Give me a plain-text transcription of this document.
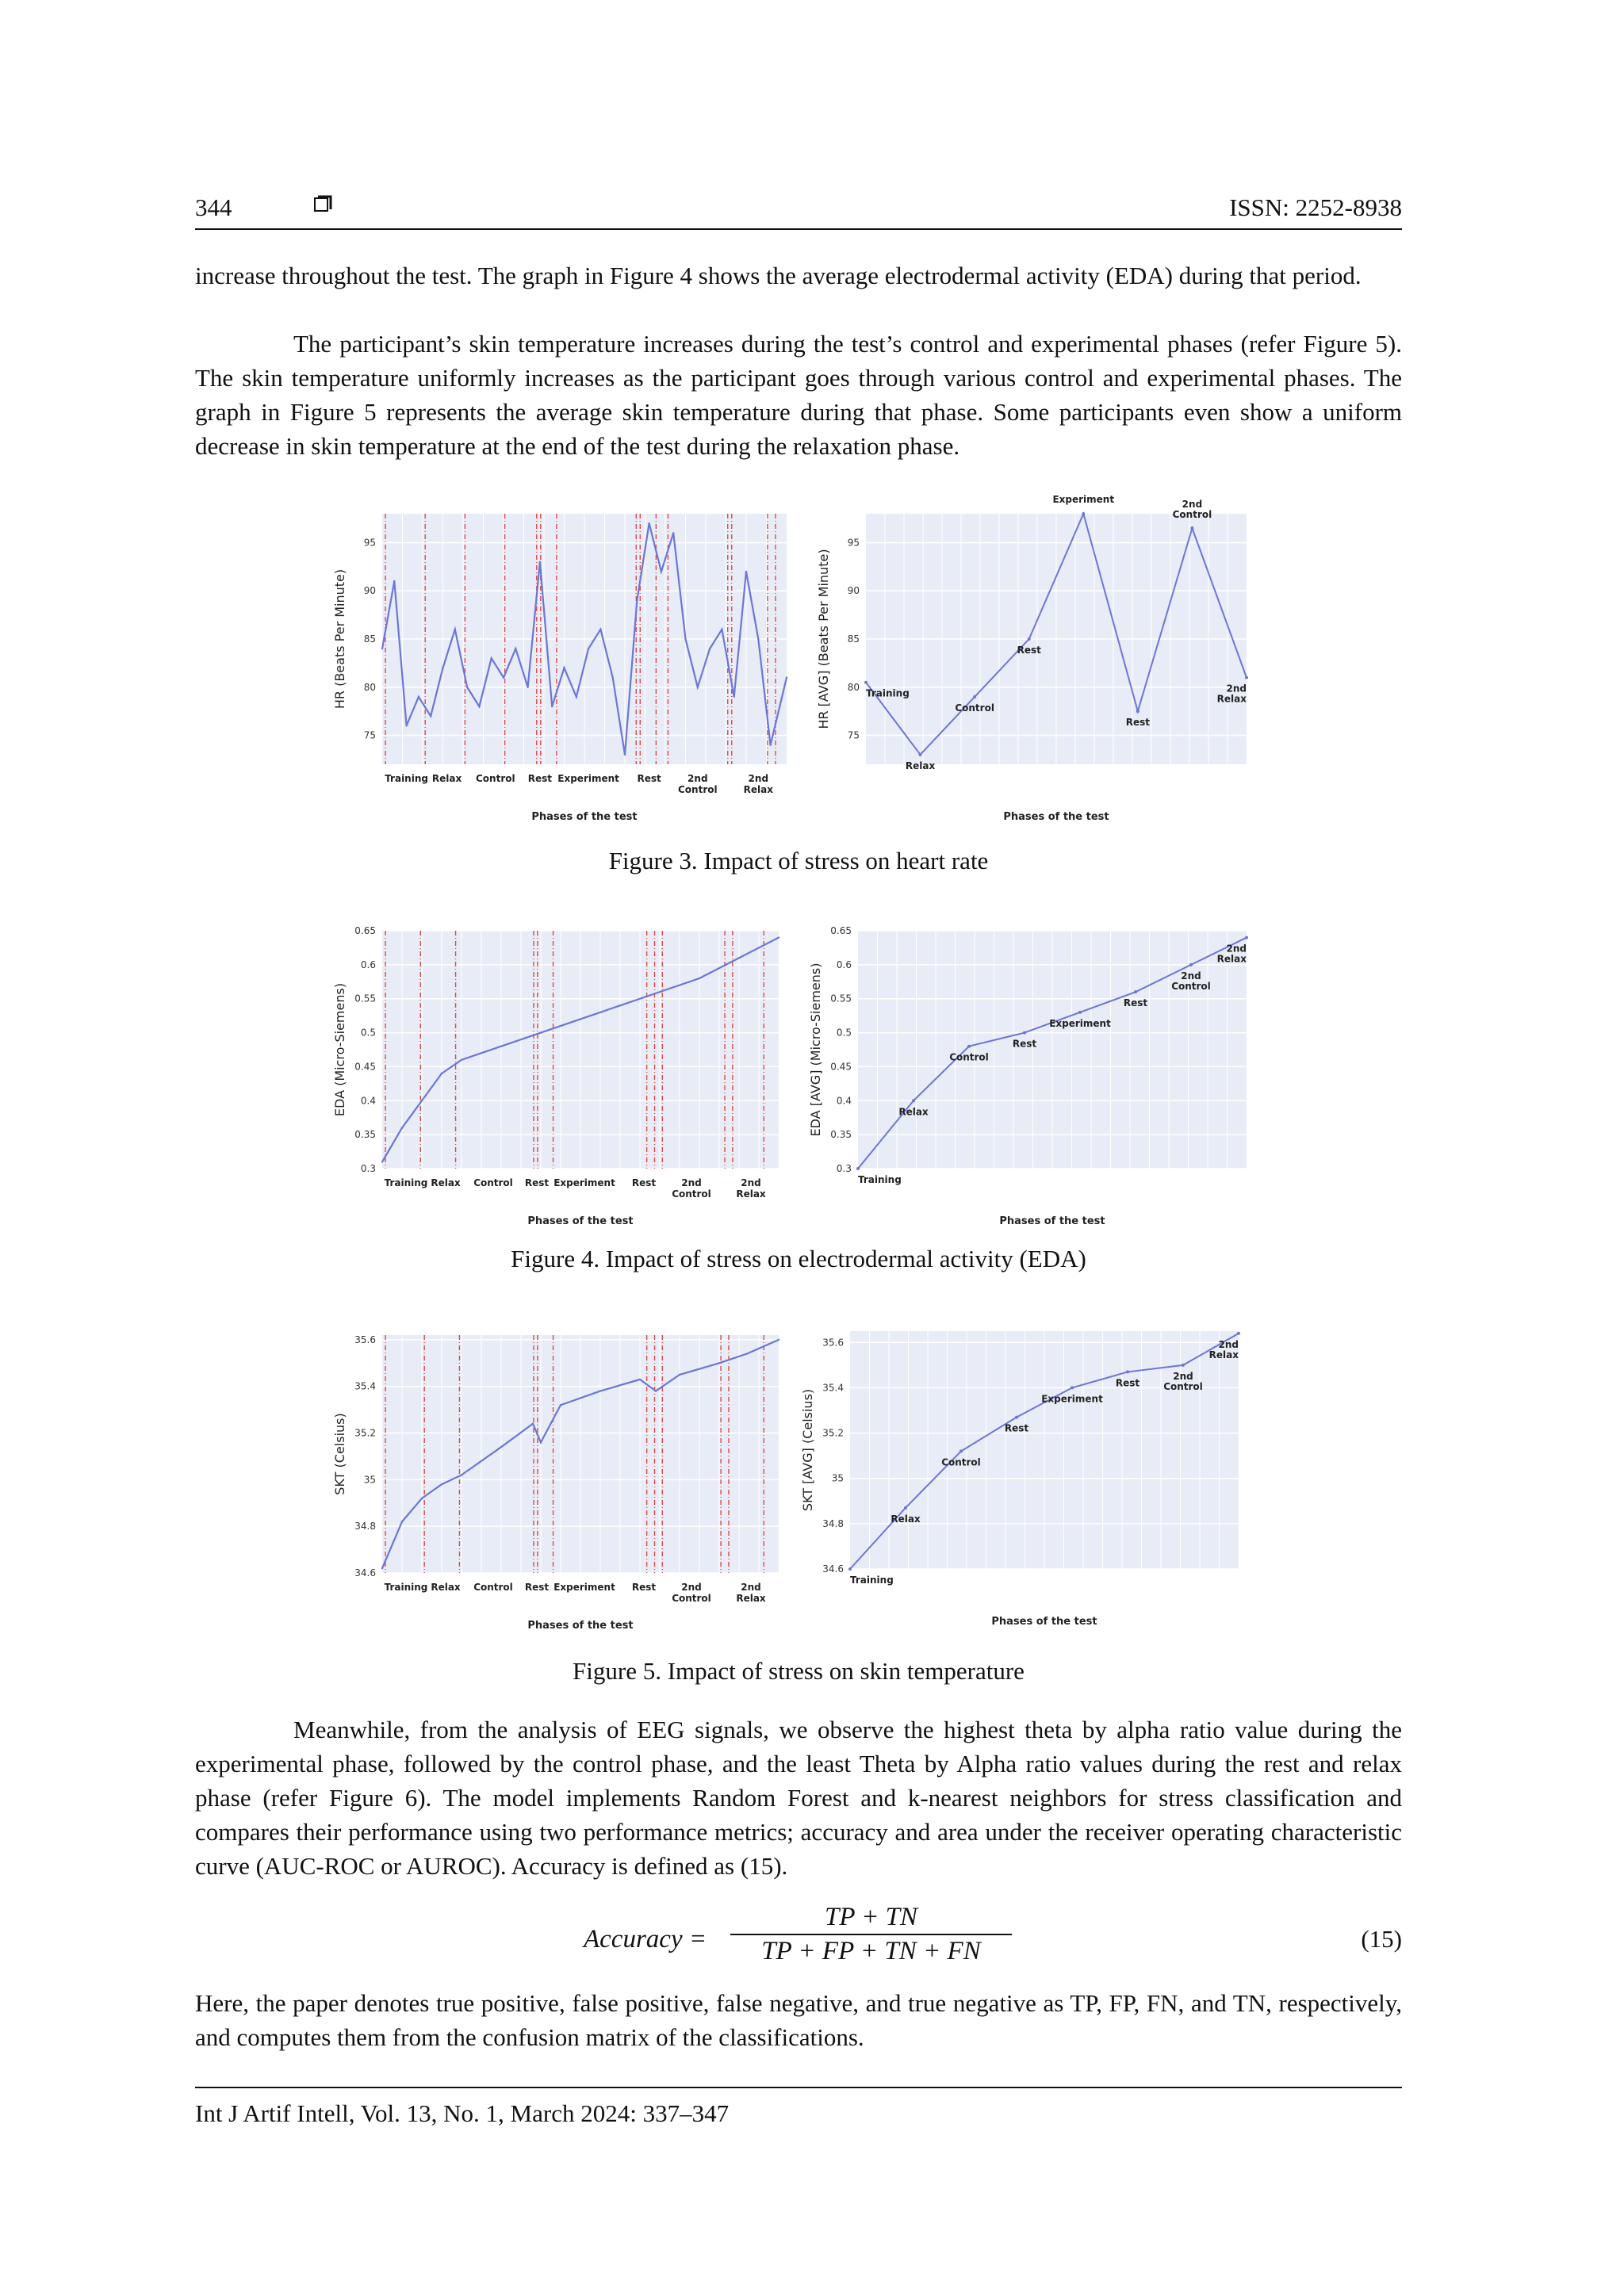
344	ISSN: 2252-8938

increase throughout the test. The graph in Figure 4 shows the average electrodermal activity (EDA) during that period.

The participant’s skin temperature increases during the test’s control and experimental phases (refer Figure 5). The skin temperature uniformly increases as the participant goes through various control and experimental phases. The graph in Figure 5 represents the average skin temperature during that phase. Some participants even show a uniform decrease in skin temperature at the end of the test during the relaxation phase.

75
80
85
90
95
HR (Beats Per Minute)
Phases of the test
Training Relax Control Rest Experiment Rest	2nd Control
2nd Relax
75
80
85
90
95
HR [AVG] (Beats Per Minute)
Phases of the test
Training
Relax
Control
Rest
Experiment
Rest
2nd Control
2nd Relax
Figure 3. Impact of stress on heart rate
0.3
0.35
0.4
0.45
0.5
0.55
0.6
0.65
EDA (Micro-Siemens)
Phases of the test
Training Relax Control Rest Experiment Rest	2nd Control
2nd Relax
0.3
0.35
0.4
0.45
0.5
0.55
0.6
0.65
EDA [AVG] (Micro-Siemens)
Phases of the test
Training
Relax
Control
Rest
Experiment
Rest
2nd Control
2nd Relax
Figure 4. Impact of stress on electrodermal activity (EDA)
34.6
34.8
35
35.2
35.4
35.6
SKT (Celsius)
Phases of the test
Training Relax Control Rest Experiment Rest	2nd Control
2nd Relax
34.6
34.8
35
35.2
35.4
35.6
SKT [AVG] (Celsius)
Phases of the test
Training
Relax
Control
Rest
Experiment
Rest
2nd Control
2nd Relax
Figure 5. Impact of stress on skin temperature

Meanwhile, from the analysis of EEG signals, we observe the highest theta by alpha ratio value during the experimental phase, followed by the control phase, and the least Theta by Alpha ratio values during the rest and relax phase (refer Figure 6). The model implements Random Forest and k-nearest neighbors for stress classification and compares their performance using two performance metrics; accuracy and area under the receiver operating characteristic curve (AUC-ROC or AUROC). Accuracy is defined as (15).

Accuracy = $\frac{TP + TN}{TP + FP + TN + FN}$	(15)

Here, the paper denotes true positive, false positive, false negative, and true negative as TP, FP, FN, and TN, respectively, and computes them from the confusion matrix of the classifications.

Int J Artif Intell, Vol. 13, No. 1, March 2024: 337–347
